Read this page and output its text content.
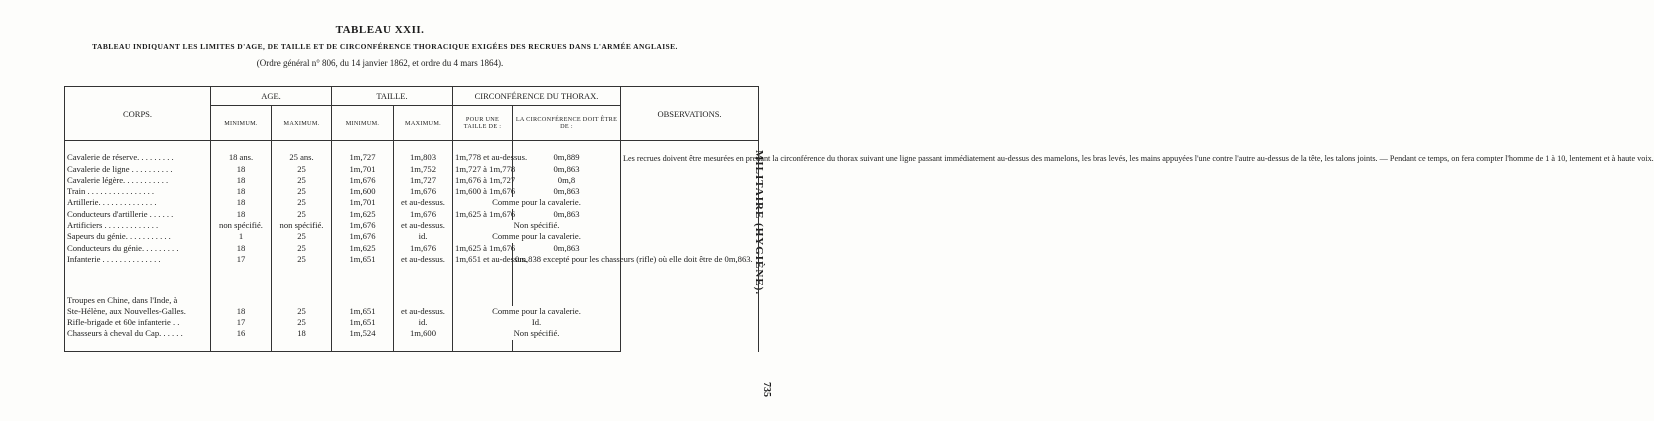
TABLEAU XXII.
TABLEAU INDIQUANT LES LIMITES D'AGE, DE TAILLE ET DE CIRCONFÉRENCE THORACIQUE EXIGÉES DES RECRUES DANS L'ARMÉE ANGLAISE.
(Ordre général n° 806, du 14 janvier 1862, et ordre du 4 mars 1864).
MILITAIRE (HYGIÈNE).
735
CORPS.	AGE.		TAILLE.		CIRCONFÉRENCE DU THORAX.		OBSERVATIONS.
	MINIMUM.	MAXIMUM.	MINIMUM.	MAXIMUM.	POUR UNE TAILLE DE :	LA CIRCONFÉRENCE DOIT ÊTRE DE :	

							Les recrues doivent être mesurées en prenant la circonférence du thorax suivant une ligne passant immédiatement au-dessus des mamelons, les bras levés, les mains appuyées l'une contre l'autre au-dessus de la tête, les talons joints. — Pendant ce temps, on fera compter l'homme de 1 à 10, lentement et à haute voix.

Cavalerie de réserve. . . . . . . . .	18 ans.	25 ans.	1m,727	1m,803	1m,778 et au-dessus.	0m,889	
Cavalerie de ligne . . . . . . . . . .	18	25	1m,701	1m,752	1m,727 à 1m,778	0m,863	
Cavalerie légère. . . . . . . . . . .	18	25	1m,676	1m,727	1m,676 à 1m,727	0m,8	
Train . . . . . . . . . . . . . . . .	18	25	1m,600	1m,676	1m,600 à 1m,676	0m,863	
Artillerie. . . . . . . . . . . . . .	18	25	1m,701	et au-dessus.	Comme pour la cavalerie.		
Conducteurs d'artillerie . . . . . .	18	25	1m,625	1m,676	1m,625 à 1m,676	0m,863	
Artificiers . . . . . . . . . . . . .	non spécifié.	non spécifié.	1m,676	et au-dessus.	Non spécifié.		
Sapeurs du génie. . . . . . . . . . .	1	25	1m,676	id.	Comme pour la cavalerie.		
Conducteurs du génie. . . . . . . . .	18	25	1m,625	1m,676	1m,625 à 1m,676	0m,863	
Infanterie . . . . . . . . . . . . . .	17	25	1m,651	et au-dessus.	1m,651 et au-dessus.	0m,838 excepté pour les chasseurs (rifle) où elle doit être de 0m,863.	

Troupes en Chine, dans l'Inde, à							
Ste-Hélène, aux Nouvelles-Galles.	18	25	1m,651	et au-dessus.	Comme pour la cavalerie.		
Rifle-brigade et 60e infanterie . .	17	25	1m,651	id.	Id.		
Chasseurs à cheval du Cap. . . . . .	16	18	1m,524	1m,600	Non spécifié.		
